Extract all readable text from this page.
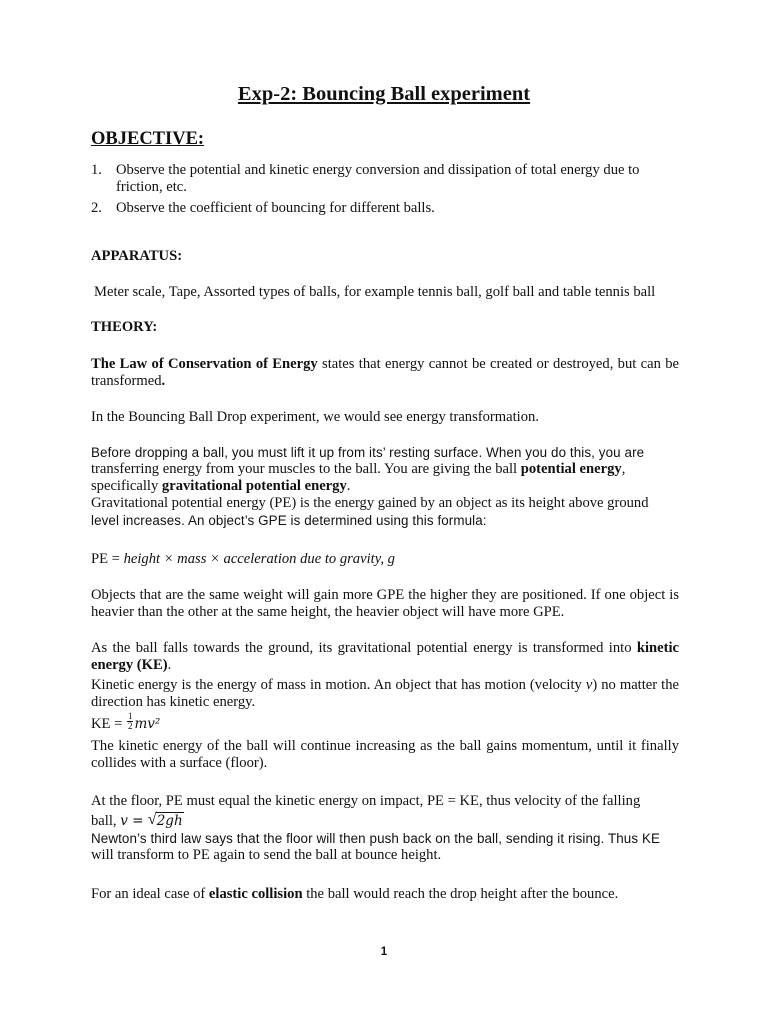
Exp-2: Bouncing Ball experiment
OBJECTIVE:
1. Observe the potential and kinetic energy conversion and dissipation of total energy due to friction, etc.
2. Observe the coefficient of bouncing for different balls.
APPARATUS:
Meter scale, Tape, Assorted types of balls, for example tennis ball, golf ball and table tennis ball
THEORY:
The Law of Conservation of Energy states that energy cannot be created or destroyed, but can be transformed.
In the Bouncing Ball Drop experiment, we would see energy transformation.
Before dropping a ball, you must lift it up from its’ resting surface. When you do this, you are
transferring energy from your muscles to the ball. You are giving the ball potential energy,
specifically gravitational potential energy.
Gravitational potential energy (PE) is the energy gained by an object as its height above ground
level increases. An object’s GPE is determined using this formula:
PE = height × mass × acceleration due to gravity, g
Objects that are the same weight will gain more GPE the higher they are positioned. If one object is heavier than the other at the same height, the heavier object will have more GPE.
As the ball falls towards the ground, its gravitational potential energy is transformed into kinetic energy (KE).
Kinetic energy is the energy of mass in motion. An object that has motion (velocity v) no matter the direction has kinetic energy.
KE = $\frac{1}{2} mv^2$
The kinetic energy of the ball will continue increasing as the ball gains momentum, until it finally collides with a surface (floor).
At the floor, PE must equal the kinetic energy on impact, PE = KE, thus velocity of the falling
ball, v = √ 2gh
Newton’s third law says that the floor will then push back on the ball, sending it rising. Thus KE
will transform to PE again to send the ball at bounce height.
For an ideal case of elastic collision the ball would reach the drop height after the bounce.
1
